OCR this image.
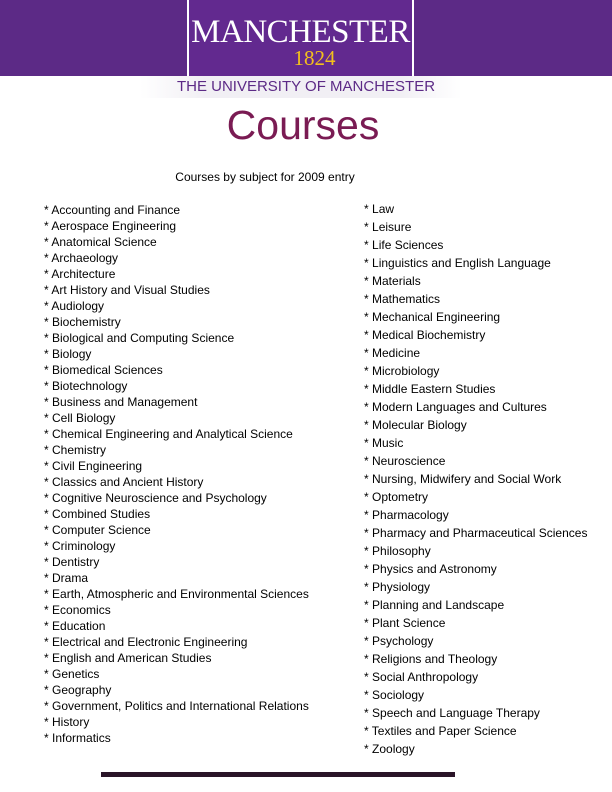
MANCHESTER
1824
THE UNIVERSITY OF MANCHESTER
Courses
Courses by subject for 2009 entry
* Accounting and Finance
* Aerospace Engineering
* Anatomical Science
* Archaeology
* Architecture
* Art History and Visual Studies
* Audiology
* Biochemistry
* Biological and Computing Science
* Biology
* Biomedical Sciences
* Biotechnology
* Business and Management
* Cell Biology
* Chemical Engineering and Analytical Science
* Chemistry
* Civil Engineering
* Classics and Ancient History
* Cognitive Neuroscience and Psychology
* Combined Studies
* Computer Science
* Criminology
* Dentistry
* Drama
* Earth, Atmospheric and Environmental Sciences
* Economics
* Education
* Electrical and Electronic Engineering
* English and American Studies
* Genetics
* Geography
* Government, Politics and International Relations
* History
* Informatics
* Law
* Leisure
* Life Sciences
* Linguistics and English Language
* Materials
* Mathematics
* Mechanical Engineering
* Medical Biochemistry
* Medicine
* Microbiology
* Middle Eastern Studies
* Modern Languages and Cultures
* Molecular Biology
* Music
* Neuroscience
* Nursing, Midwifery and Social Work
* Optometry
* Pharmacology
* Pharmacy and Pharmaceutical Sciences
* Philosophy
* Physics and Astronomy
* Physiology
* Planning and Landscape
* Plant Science
* Psychology
* Religions and Theology
* Social Anthropology
* Sociology
* Speech and Language Therapy
* Textiles and Paper Science
* Zoology
